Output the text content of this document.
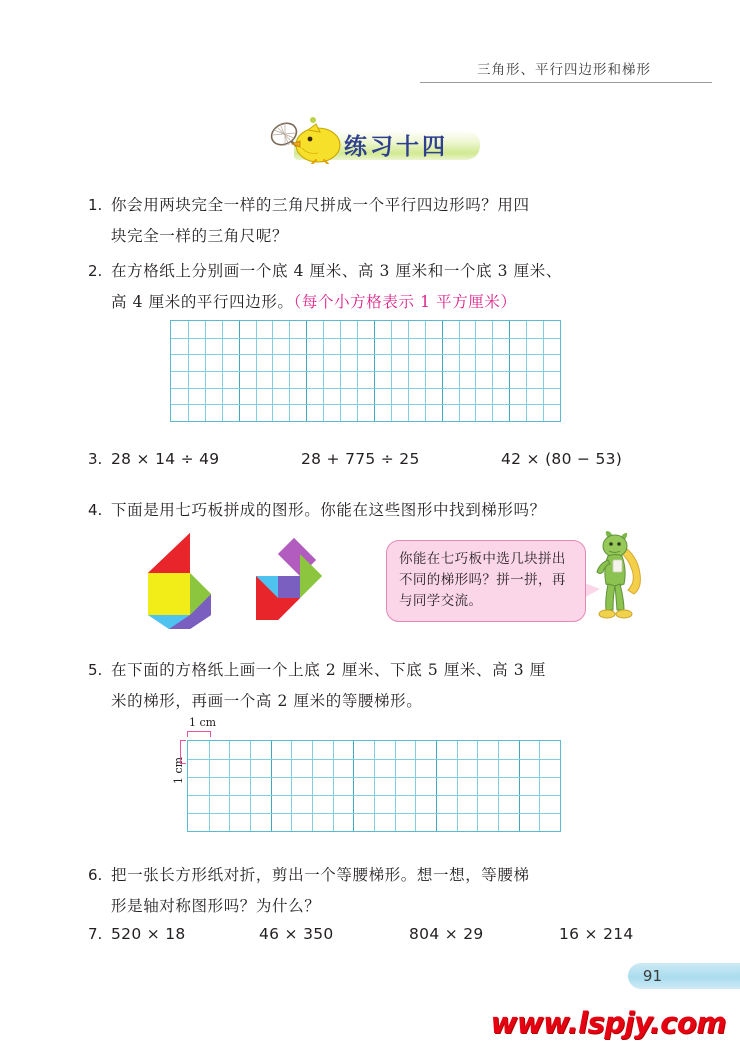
三角形、平行四边形和梯形
练习十四
1. 你会用两块完全一样的三角尺拼成一个平行四边形吗？用四
块完全一样的三角尺呢？
2. 在方格纸上分别画一个底 4 厘米、高 3 厘米和一个底 3 厘米、
高 4 厘米的平行四边形。（每个小方格表示 1 平方厘米）
3. 28 × 14 ÷ 49	28 + 775 ÷ 25	42 × (80 − 53)
4. 下面是用七巧板拼成的图形。你能在这些图形中找到梯形吗？
你能在七巧板中选几块拼出不同的梯形吗？拼一拼，再与同学交流。
5. 在下面的方格纸上画一个上底 2 厘米、下底 5 厘米、高 3 厘
米的梯形，再画一个高 2 厘米的等腰梯形。
1 cm
1 cm
6. 把一张长方形纸对折，剪出一个等腰梯形。想一想，等腰梯
形是轴对称图形吗？为什么？
7. 520 × 18	46 × 350	804 × 29	16 × 214
91
www.lspjy.com
